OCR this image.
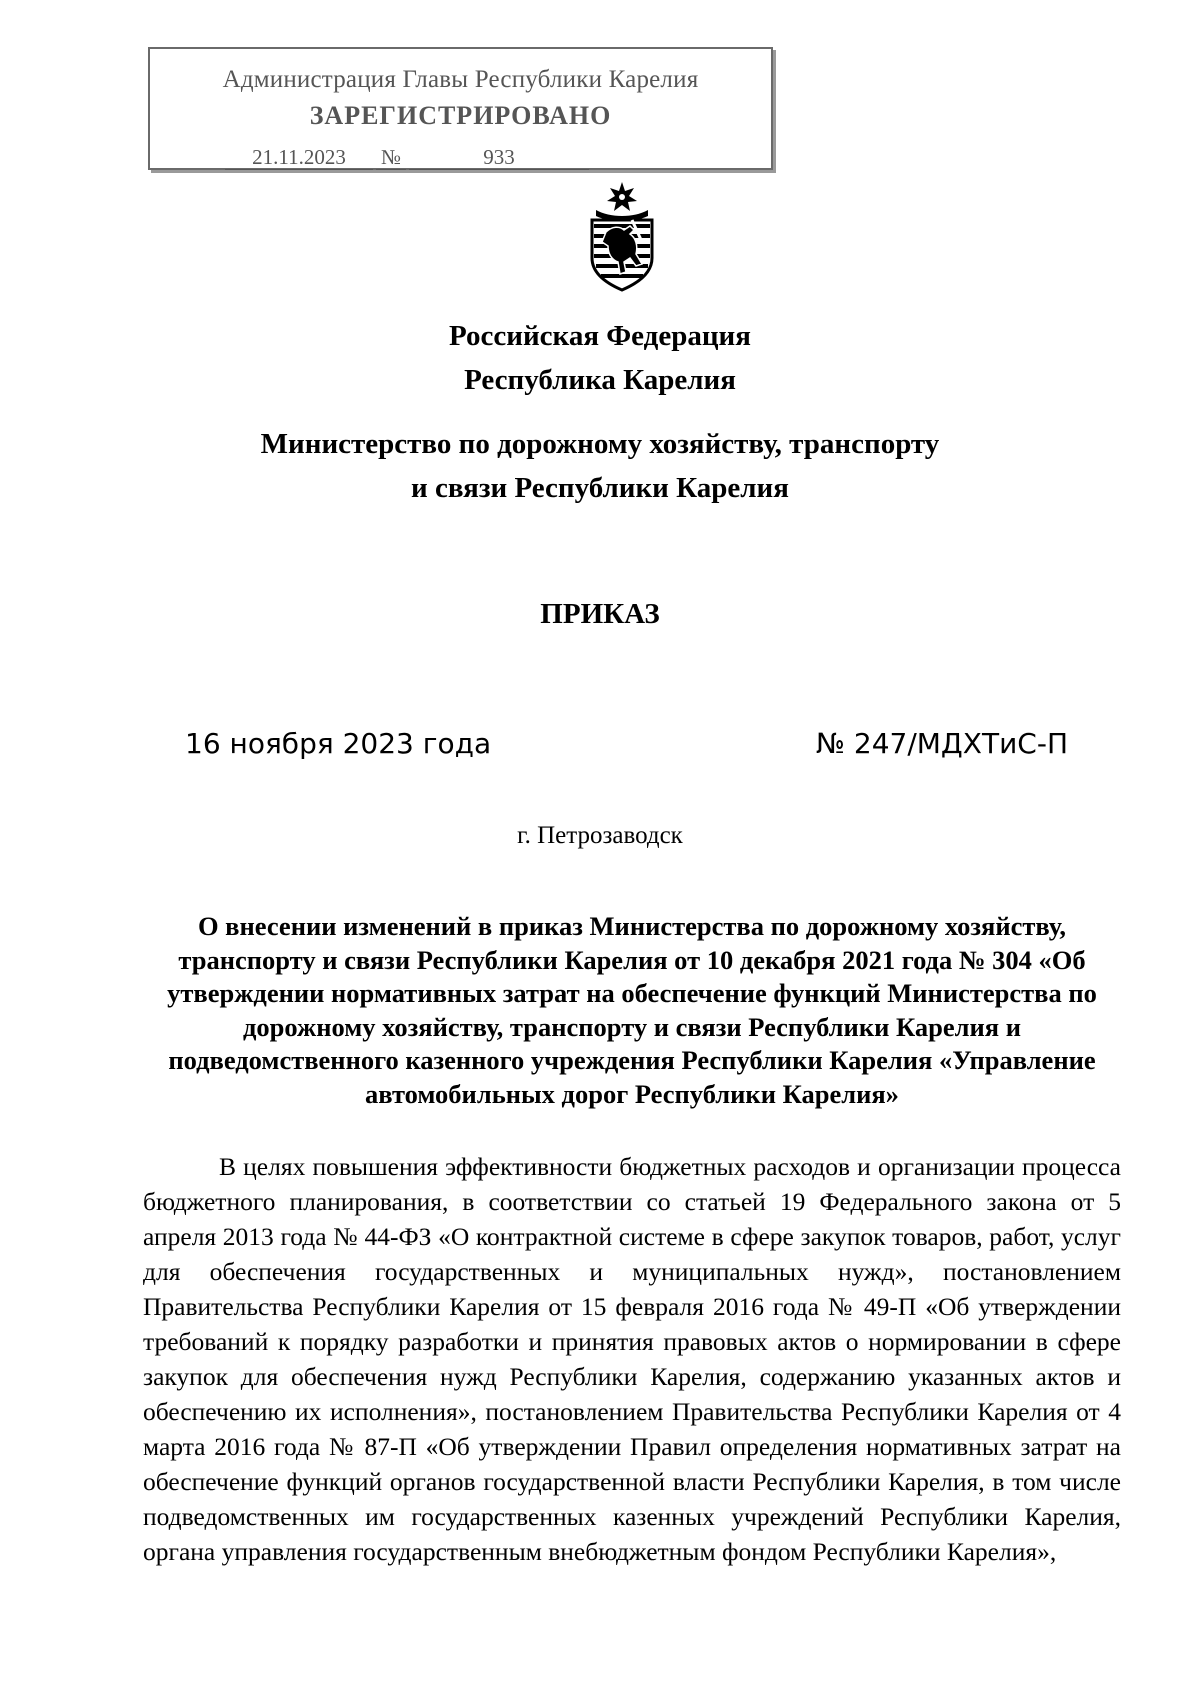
Администрация Главы Республики Карелия
ЗАРЕГИСТРИРОВАНО
21.11.2023	№	933
Российская Федерация
Республика Карелия
Министерство по дорожному хозяйству, транспорту
и связи Республики Карелия
ПРИКАЗ
16 ноября 2023 года	№ 247/МДХТиС-П
г. Петрозаводск
О внесении изменений в приказ Министерства по дорожному хозяйству, транспорту и связи Республики Карелия от 10 декабря 2021 года № 304 «Об утверждении нормативных затрат на обеспечение функций Министерства по дорожному хозяйству, транспорту и связи Республики Карелия и подведомственного казенного учреждения Республики Карелия «Управление автомобильных дорог Республики Карелия»
В целях повышения эффективности бюджетных расходов и организации процесса бюджетного планирования, в соответствии со статьей 19 Федерального закона от 5 апреля 2013 года № 44-ФЗ «О контрактной системе в сфере закупок товаров, работ, услуг для обеспечения государственных и муниципальных нужд», постановлением Правительства Республики Карелия от 15 февраля 2016 года № 49-П «Об утверждении требований к порядку разработки и принятия правовых актов о нормировании в сфере закупок для обеспечения нужд Республики Карелия, содержанию указанных актов и обеспечению их исполнения», постановлением Правительства Республики Карелия от 4 марта 2016 года № 87-П «Об утверждении Правил определения нормативных затрат на обеспечение функций органов государственной власти Республики Карелия, в том числе подведомственных им государственных казенных учреждений Республики Карелия, органа управления государственным внебюджетным фондом Республики Карелия»,
